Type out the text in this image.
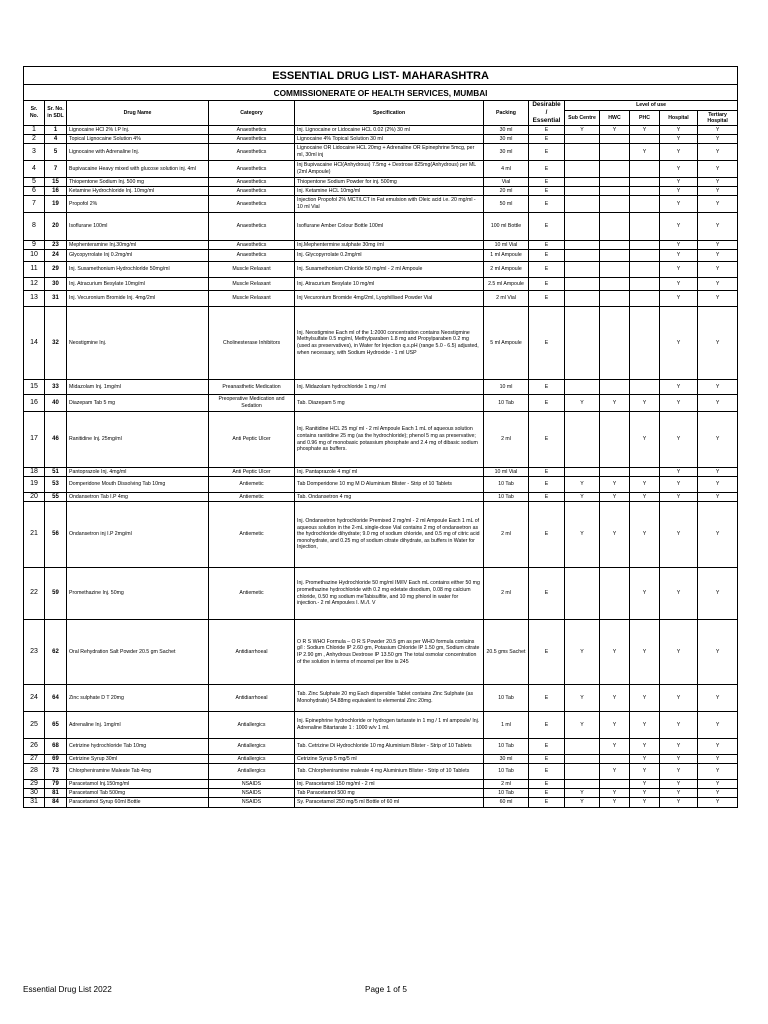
ESSENTIAL DRUG LIST- MAHARASHTRA											
COMMISSIONERATE OF HEALTH SERVICES, MUMBAI											
Sr. No.	Sr. No. in SDL	Drug Name	Category	Specification	Packing	Desirable / Essential	Level of use				
							Sub Centre	HWC	PHC	Hospital	Tertiary Hospital
1	1	Lignocaine HCl 2% I.P Inj.	Anaesthetics	Inj. Lignocaine or Lidocaine HCL 0.02 (2%) 30 ml	30 ml	E	Y	Y	Y	Y	Y
2	4	Topical Lignocaine Solution 4%	Anaesthetics	Lignocaine 4% Topical Solution 30 ml	30 ml	E				Y	Y
3	5	Lignocaine with Adrenaline Inj.	Anaesthetics	Lignocaine OR Lidocaine HCL 20mg + Adrenaline OR Epinephrine 5mcg, per ml, 30ml inj	30 ml	E			Y	Y	Y
4	7	Bupivacaine Heavy mixed with glucose solution inj. 4ml	Anaesthetics	Inj Bupivacaine HCl(Anhydrous) 7.5mg + Dextrose 825mg(Anhydrous) per ML (2ml Ampoule)	4 ml	E				Y	Y
5	15	Thiopentone Sodium Inj. 500 mg	Anaesthetics	Thiopentone Sodium Powder for inj. 500mg	Vial	E				Y	Y
6	16	Ketamine Hydrochloride Inj. 10mg/ml	Anaesthetics	Inj. Ketamine HCL 10mg/ml	20 ml	E				Y	Y
7	19	Propofol 2%	Anaesthetics	Injection Propofol 2% MCT/LCT in Fat emulsion with Oleic acid i.e. 20 mg/ml - 10 ml Vial	50 ml	E				Y	Y
8	20	Isoflurane 100ml	Anaesthetics	Isoflurane Amber Colour Bottle 100ml	100 ml Bottle	E				Y	Y
9	23	Mephenteramine Inj.30mg/ml	Anaesthetics	Inj.Mephentermine sulphate 30mg /ml	10 ml Vial	E				Y	Y
10	24	Glycopyrrolate Inj 0.2mg/ml	Anaesthetics	Inj. Glycopyrrolate 0.2mg/ml	1 ml Ampoule	E				Y	Y
11	29	Inj. Suxamethonium Hydrochlorlde 50mg/ml	Muscle Relaxant	Inj. Suxamethonium Chloride 50 mg/ml - 2 ml Ampoule	2 ml Ampoule	E				Y	Y
12	30	Inj. Atracurium Besylate 10mg/ml	Muscle Relaxant	Inj. Atracurium Besylate 10 mg/ml	2.5 ml Ampoule	E				Y	Y
13	31	Inj. Vecuronium Bromide Inj. 4mg/2ml	Muscle Relaxant	Inj Vecuronium Bromide 4mg/2ml, Lyophillised Powder Vial	2 ml Vial	E				Y	Y
14	32	Neostigmine Inj.	Cholinesterase Inhibitors	Inj. Neostigmine Each ml of the 1:2000 concentration contains Neostigmine Methylsulfate 0.5 mg/ml, Methylparaben 1.8 mg and Propylparaben 0.2 mg (used as preservatives), in Water for Injection q.s.pH (range 5.0 - 6.5) adjusted, when necessary, with Sodium Hydroxide - 1 ml USP	5 ml Ampoule	E				Y	Y
15	33	Midazolam Inj. 1mg/ml	Preanasthetic Medication	Inj. Midazolam hydrochloride 1 mg / ml	10 ml	E				Y	Y
16	40	Diazepam Tab 5 mg	Preoperative Medication and Sedation	Tab. Diazepam 5 mg	10 Tab	E	Y	Y	Y	Y	Y
17	46	Ranitidine Inj. 25mg/ml	Anti Peptic Ulcer	Inj. Ranitidine HCL 25 mg/ ml - 2 ml Ampoule Each 1 mL of aqueous solution contains ranitidine 25 mg (as the hydrochloride); phenol 5 mg as preservative; and 0.96 mg of monobasic potassium phosphate and 2.4 mg of dibasic sodium phosphate as buffers.	2 ml	E			Y	Y	Y
18	51	Pantoprazole Inj. 4mg/ml	Anti Peptic Ulcer	Inj. Pantaprazole 4 mg/ ml	10 ml Vial	E				Y	Y
19	53	Domperidone Mouth Dissolving Tab 10mg	Antiemetic	Tab Domperidone 10 mg M D Aluminium Blister - Strip of 10 Tablets	10 Tab	E	Y	Y	Y	Y	Y
20	55	Ondansetron Tab I.P 4mg	Antiemetic	Tab. Ondansetron 4 mg	10 Tab	E	Y	Y	Y	Y	Y
21	56	Ondansetron inj I.P 2mg/ml	Antiemetic	Inj. Ondansetron hydrochloride Premixed 2 mg/ml - 2 ml Ampoule Each 1 mL of aqueous solution in the 2-mL single-dose Vial contains 2 mg of ondansetron as the hydrochloride dihydrate; 9.0 mg of sodium chloride, and 0.5 mg of citric acid monohydrate, and 0.25 mg of sodium citrate dihydrate, as buffers in Water for Injection,	2 ml	E	Y	Y	Y	Y	Y
22	59	Promethazine Inj. 50mg	Antiemetic	Inj. Promethazine Hydrochloride 50 mg/ml IM/IV Each mL contains either 50 mg promethazine hydrochloride with 0.2 mg edetate disodium, 0.08 mg calcium chloride, 0.50 mg sodium meTabisulfite, and 10 mg phenol in water for injection.- 2 ml Ampoules I. M./I. V	2 ml	E			Y	Y	Y
23	62	Oral Rehydration Salt Powder 20.5 gm Sachet	Antidiarrhoeal	O R S WHO Formula – O R S Powder 20.5 gm as per WHO formula contains g/l : Sodium Chloride IP 2.60 gm, Potasium Chloride IP 1.50 gm, Sodium citrate IP 2.90 gm , Anhydrous Dextrose IP 13.50 gm The total osmolar concentration of the solution in terms of mosmol per litre is 245	20.5 gms Sachet	E	Y	Y	Y	Y	Y
24	64	Zinc sulphate D T 20mg	Antidiarrhoeal	Tab. Zinc Sulphate 20 mg Each dispersible Tablet contains Zinc Sulphate (as Monohydrate) 54.88mg equivalent to elemental Zinc 20mg.	10 Tab	E	Y	Y	Y	Y	Y
25	65	Adrenaline Inj. 1mg/ml	Antiallergics	Inj. Epinephrine hydrochloride or hydrogen tartarate in 1 mg / 1 ml ampoule/ Inj. Adrenaline Bitartarate 1 : 1000 w/v 1 ml.	1 ml	E	Y	Y	Y	Y	Y
26	68	Cetrizine hydrochloride Tab 10mg	Antiallergics	Tab. Cetrizine Di Hydrochloride 10 mg Aluminium Blister - Strip of 10 Tablets	10 Tab	E		Y	Y	Y	Y
27	69	Cetrizine Syrup 30ml	Antiallergics	Cetrizine Syrup 5 mg/5 ml	30 ml	E			Y	Y	Y
28	73	Chlorpheniramine Maleate Tab 4mg	Antiallergics	Tab. Chlorpheniramine maleate 4 mg Aluminium Blister - Strip of 10 Tablets	10 Tab	E		Y	Y	Y	Y
29	79	Paracetamol Inj.150mg/ml	NSAIDS	Inj. Paracetamol 150 mg/ml - 2 ml	2 ml	E			Y	Y	Y
30	81	Paracetamol Tab 500mg	NSAIDS	Tab Paracetamol 500 mg	10 Tab	E	Y	Y	Y	Y	Y
31	84	Paracetamol Syrup 60ml Bottle	NSAIDS	Sy. Paracetamol 250 mg/5 ml Bottle of 60 ml	60 ml	E	Y	Y	Y	Y	Y
Essential Drug List 2022	Page 1 of 5
